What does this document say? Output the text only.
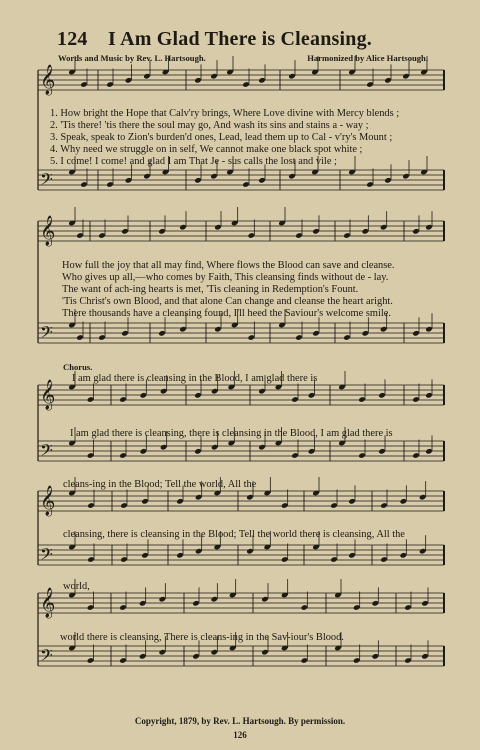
𝄞
𝄢
𝄞
𝄢
𝄞
𝄢
𝄞
𝄢
𝄞
𝄢
124 I Am Glad There is Cleansing.
Words and Music by Rev. L. Hartsough.	Harmonized by Alice Hartsough.
1. How bright the Hope that Calv'ry brings, Where Love divine with Mercy blends ;
2. 'Tis there! 'tis there the soul may go, And wash its sins and stains a - way ;
3. Speak, speak to Zion's burden'd ones, Lead, lead them up to Cal - v'ry's Mount ;
4. Why need we struggle on in self, We cannot make one black spot white ;
5. I come! I come! and glad I am That Je - sus calls the lost and vile ;
How full the joy that all may find, Where flows the Blood can save and cleanse.
Who gives up all,—who comes by Faith, This cleansing finds without de - lay.
The want of ach-ing hearts is met, 'Tis cleaning in Redemption's Fount.
'Tis Christ's own Blood, and that alone Can change and cleanse the heart aright.
There thousands have a cleansing found, I'll heed the Saviour's welcome smile.
Chorus.
I am glad there is cleansing in the Blood, I am glad there is
I am glad there is cleansing, there is cleansing in the Blood, I am glad there is
cleans-ing in the Blood; Tell the world, All the
cleansing, there is cleansing in the Blood; Tell the world there is cleansing, All the
world,
world there is cleansing, There is cleans-ing in the Sav-iour's Blood.
Copyright, 1879, by Rev. L. Hartsough. By permission.
126
